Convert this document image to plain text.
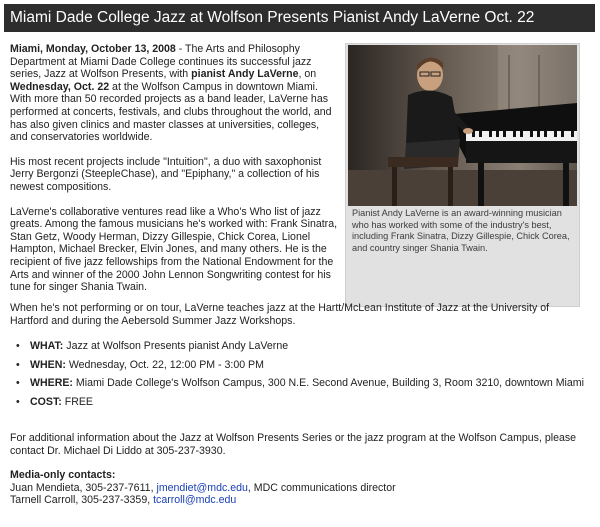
Miami Dade College Jazz at Wolfson Presents Pianist Andy LaVerne Oct. 22

Miami, Monday, October 13, 2008 - The Arts and Philosophy Department at Miami Dade College continues its successful jazz series, Jazz at Wolfson Presents, with pianist Andy LaVerne, on Wednesday, Oct. 22 at the Wolfson Campus in downtown Miami. With more than 50 recorded projects as a band leader, LaVerne has performed at concerts, festivals, and clubs throughout the world, and has also given clinics and master classes at universities, colleges, and conservatories worldwide.

His most recent projects include "Intuition", a duo with saxophonist Jerry Bergonzi (SteepleChase), and "Epiphany," a collection of his newest compositions.

LaVerne's collaborative ventures read like a Who's Who list of jazz greats. Among the famous musicians he's worked with: Frank Sinatra, Stan Getz, Woody Herman, Dizzy Gillespie, Chick Corea, Lionel Hampton, Michael Brecker, Elvin Jones, and many others. He is the recipient of five jazz fellowships from the National Endowment for the Arts and winner of the 2000 John Lennon Songwriting contest for his tune for singer Shania Twain.

Pianist Andy LaVerne is an award-winning musician who has worked with some of the industry's best, including Frank Sinatra, Dizzy Gillespie, Chick Corea, and country singer Shania Twain.

When he's not performing or on tour, LaVerne teaches jazz at the Hartt/McLean Institute of Jazz at the University of Hartford and during the Aebersold Summer Jazz Workshops.

• WHAT: Jazz at Wolfson Presents pianist Andy LaVerne
• WHEN: Wednesday, Oct. 22, 12:00 PM - 3:00 PM
• WHERE: Miami Dade College's Wolfson Campus, 300 N.E. Second Avenue, Building 3, Room 3210, downtown Miami
• COST: FREE

For additional information about the Jazz at Wolfson Presents Series or the jazz program at the Wolfson Campus, please contact Dr. Michael Di Liddo at 305-237-3930.

Media-only contacts:
Juan Mendieta, 305-237-7611, jmendiet@mdc.edu, MDC communications director
Tarnell Carroll, 305-237-3359, tcarroll@mdc.edu
